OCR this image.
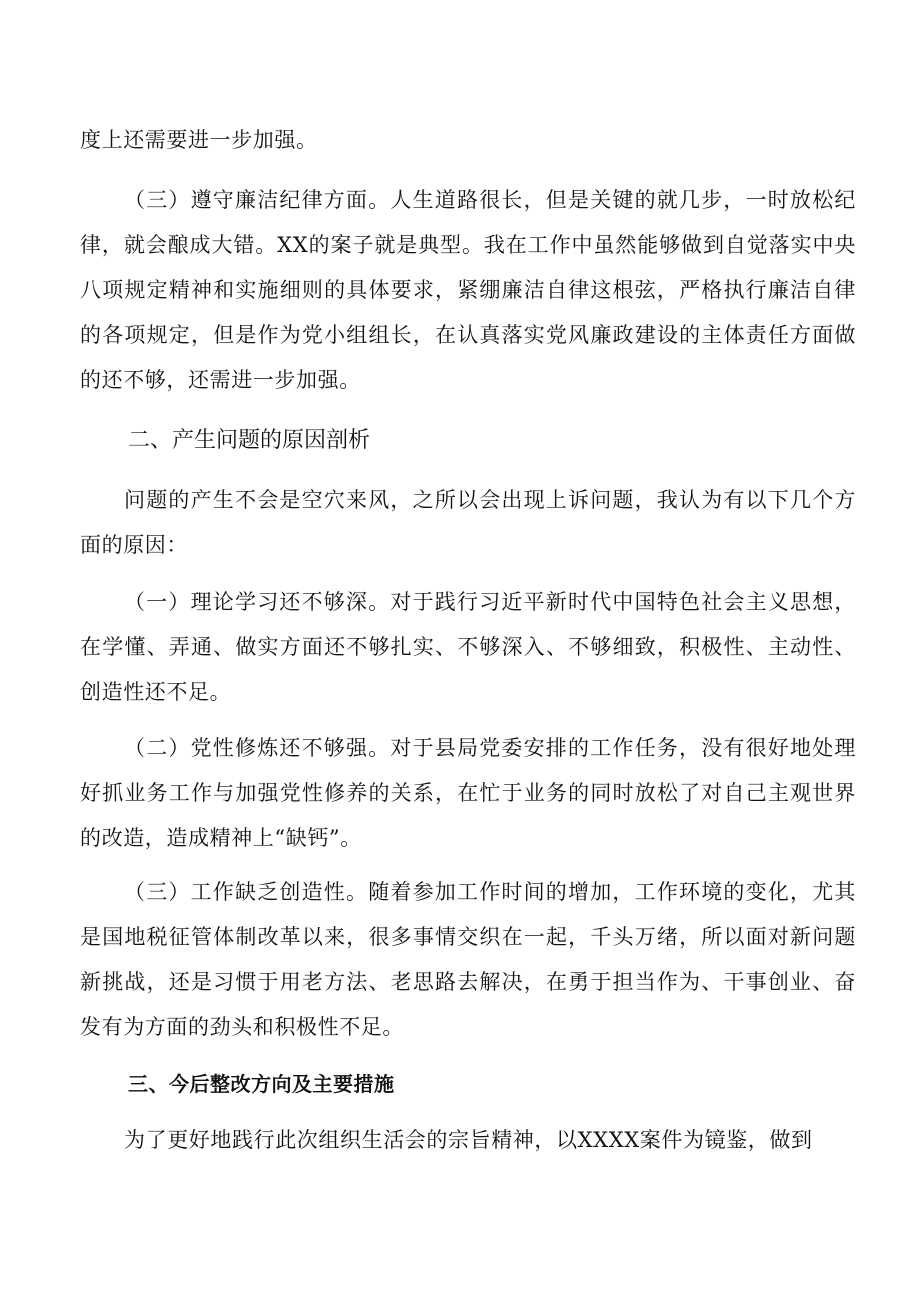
度上还需要进一步加强。

（三）遵守廉洁纪律方面。人生道路很长，但是关键的就几步，一时放松纪律，就会酿成大错。XX的案子就是典型。我在工作中虽然能够做到自觉落实中央八项规定精神和实施细则的具体要求，紧绷廉洁自律这根弦，严格执行廉洁自律的各项规定，但是作为党小组组长，在认真落实党风廉政建设的主体责任方面做的还不够，还需进一步加强。

二、产生问题的原因剖析

问题的产生不会是空穴来风，之所以会出现上诉问题，我认为有以下几个方面的原因：

（一）理论学习还不够深。对于践行习近平新时代中国特色社会主义思想，在学懂、弄通、做实方面还不够扎实、不够深入、不够细致，积极性、主动性、创造性还不足。

（二）党性修炼还不够强。对于县局党委安排的工作任务，没有很好地处理好抓业务工作与加强党性修养的关系，在忙于业务的同时放松了对自己主观世界的改造，造成精神上“缺钙”。

（三）工作缺乏创造性。随着参加工作时间的增加，工作环境的变化，尤其是国地税征管体制改革以来，很多事情交织在一起，千头万绪，所以面对新问题新挑战，还是习惯于用老方法、老思路去解决，在勇于担当作为、干事创业、奋发有为方面的劲头和积极性不足。

三、今后整改方向及主要措施

为了更好地践行此次组织生活会的宗旨精神，以XXXX案件为镜鉴，做到
